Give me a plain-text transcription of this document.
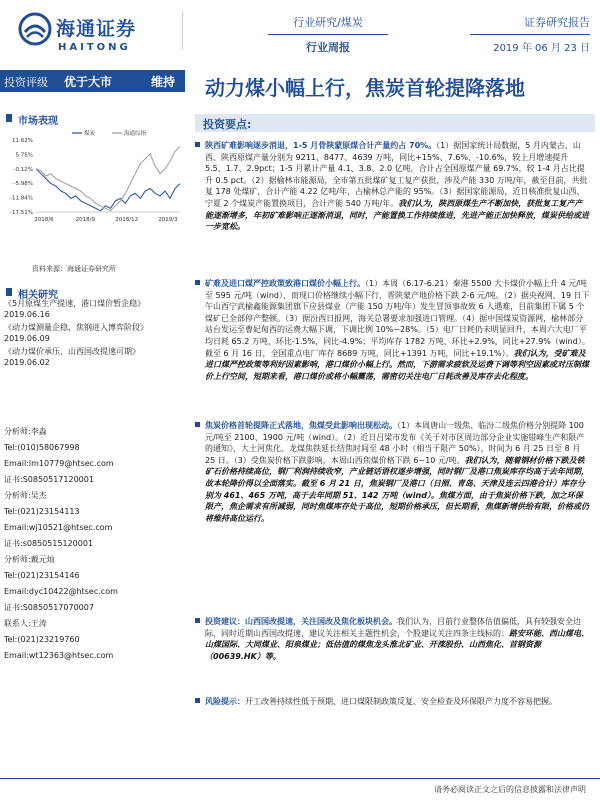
海通证券
HAITONG
行业研究/煤炭
行业周报
证券研究报告
2019 年 06 月 23 日
投资评级 优于大市	维持 动力煤小幅上行，焦炭首轮提降落地
市场表现
11.62%
5.75%
-0.12%
-5.98%
-11.84%
-17.51%
2018/6	2018/9	2018/12	2019/3
煤炭	海通综指
资料来源：海通证券研究所
相关研究
《5月原煤生产提速，港口煤价暂企稳》
2019.06.16
《动力煤测量企稳，焦钢进入博弈阶段》
2019.06.09
《动力煤价承压，山西国改提速可期》
2019.06.02
分析师:李淼
Tel:(010)58067998
Email:lm10779@htsec.com
证书:S0850517120001
分析师:吴杰
Tel:(021)23154113
Email:wj10521@htsec.com
证书:s0850515120001
分析师:戴元灿
Tel:(021)23154146
Email:dyc10422@htsec.com
证书:S0850517070007
联系人:王涛
Tel:(021)23219760
Email:wt12363@htsec.com
投资要点:
陕西矿难影响逐步消退，1-5 月骨陕蒙原煤合计产量约占 70%。（1）据国家统计局数据，5 月内蒙古、山西、陕西原煤产量分别为 9211、8477、4639 万吨，同比+15%、7.6%、-10.6%，较上月增速提升 5.5、1.7、2.9pct；1-5 月累计产量 4.1、3.8、2.0 亿吨，合计占全国原煤产量 69.7%，较 1-4 月占比提升 0.5 pct。（2）据榆林市能源局，全市第五批煤矿复工复产获批，涉及产能 330 万吨/年，截至目前，共批复 178 处煤矿，合计产能 4.22 亿吨/年，占榆林总产能的 95%。（3）据国家能源局，近日核准批复山西、宁夏 2 个煤炭产能置换项目，合计产能 540 万吨/年。我们认为，陕西原煤生产不断加快，获批复工复产产能逐渐增多，年初矿难影响正逐渐消退，同时，产能置换工作持续推进，先进产能正加快释放，煤炭供给或进一步宽松。
矿难及进口煤严控政策致港口煤价小幅上行。（1）本周（6.17-6.21）秦港 5500 大卡煤价小幅上升 4 元/吨至 595 元/吨（wind），而现口价格继续小幅下行，晋陕蒙产地价格下跌 2-6 元/吨。（2）据央视网，19 日下午山西宁武榆鑫能源集团旗下应县煤业（产能 150 万吨/年）发生冒顶事故致 6 人遇难，目前集团下属 5 个煤矿已全部停产整顿。（3）据汾西日报网，海关总署要求加强进口管理。（4）据中国煤炭资源网，榆林部分站台发运至曹妃甸西的运费大幅下调，下调比例 10%~28%。（5）电厂日耗仍未明显回升，本周六大电厂平均日耗 65.2 万吨，环比-1.5%，同比-4.9%；平均库存 1782 万吨，环比+2.9%，同比+27.9%（wind）。截至 6 月 16 日，全国重点电厂库存 8689 万吨，同比+1391 万吨，同比+19.1%）。我们认为，受矿难及进口煤严控政策等利好因素影响，港口煤价小幅上行。然而，下游需求疲软及运费下调等利空因素或对压制煤价上行空间，短期来看，港口煤价或将小幅震荡，需密切关注电厂日耗改善及库存去化程度。
焦炭价格首轮提降正式落地，焦煤受此影响出现松动。（1）本周唐山一级焦、临汾二级焦价格分别提降 100 元/吨至 2100、1900 元/吨（wind）。（2）近日吕梁市发布《关于对市区周边部分企业实施错峰生产和限产的通知》，大土河焦化、龙煤焦铁延长结焦时间至 48 小时（相当于限产 50%），时间为 6 月 25 日至 8 月 25 日。（3）受焦炭价格下跌影响，本周山西焦煤价格下跌 6~10 元/吨。我们认为，随着钢材价格下跌及铁矿石价格持续高位，钢厂利润持续收窄，产业链话语权逐步增强，同时钢厂及港口焦炭库存均高于去年同期，故本轮降价得以全面落实。截至 6 月 21 日，焦炭钢厂及港口（日照、青岛、天津及连云四港合计）库存分别为 461、465 万吨，高于去年同期 51、142 万吨（wind）。焦煤方面，由于焦炭价格下跌，加之环保限产，焦企需求有所减弱，同时焦煤库存处于高位，短期价格承压，但长期看，焦煤新增供给有限，价格或仍将维持高位运行。
投资建议：山西国改提速，关注国改及焦化板块机会。我们认为，目前行业整体估值偏低，具有较强安全边际，同时近期山西国改提速，建议关注相关主题性机会，个股建议关注四条主线标的：路安环能、西山煤电、山煤国际、大同煤业、阳泉煤业；低估值的煤焦龙头淮北矿业、开滦股份、山西焦化、首钢资源（00639.HK）等。
风险提示：开工改善持续性低于预期、进口煤限制政策反复、安全检查及环保限产力度不容易把握。
请务必阅读正文之后的信息披露和法律声明
